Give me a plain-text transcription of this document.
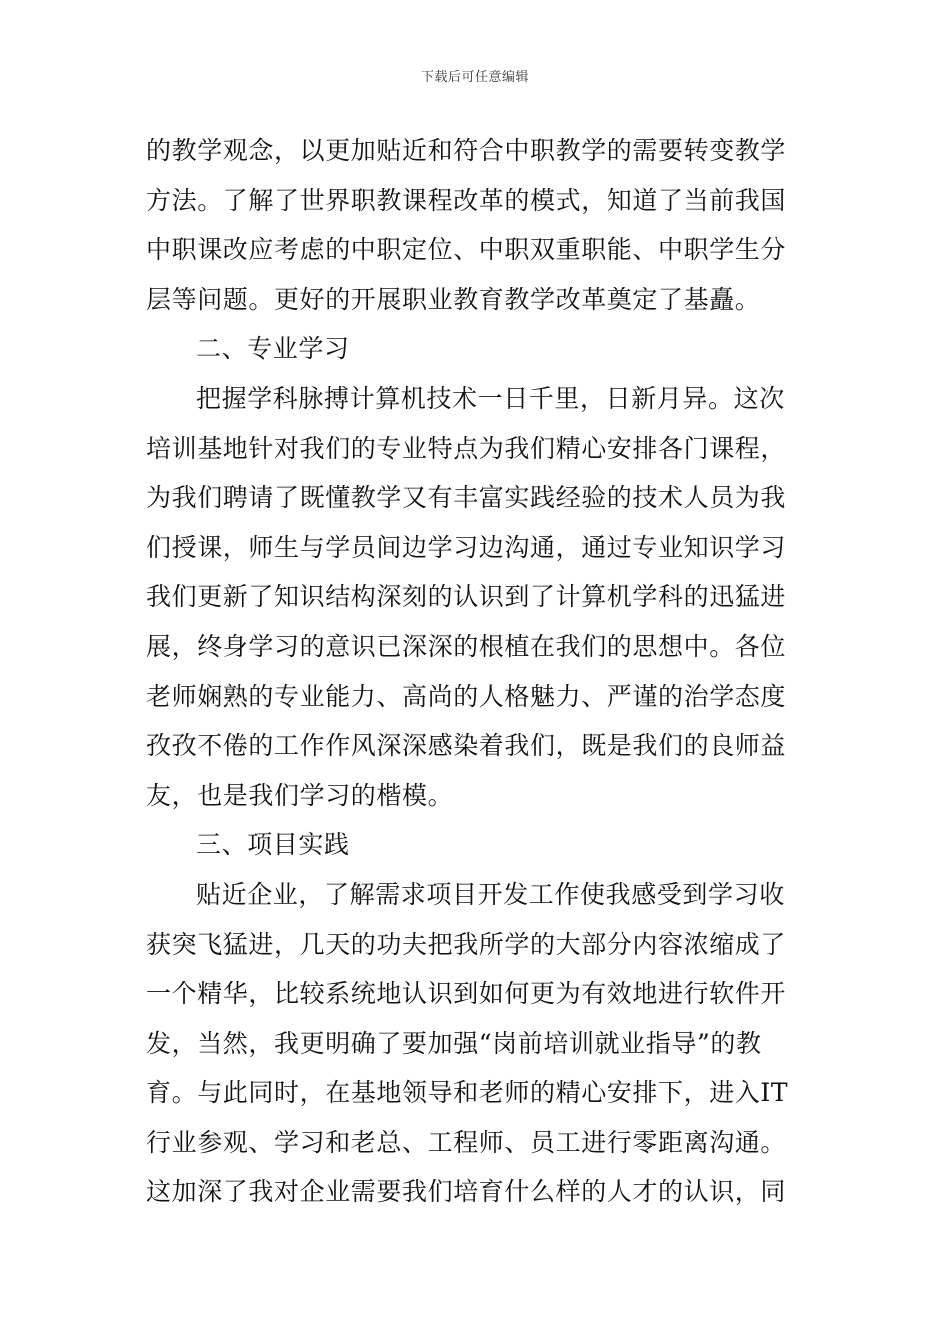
下载后可任意编辑
的教学观念，以更加贴近和符合中职教学的需要转变教学
方法。了解了世界职教课程改革的模式，知道了当前我国
中职课改应考虑的中职定位、中职双重职能、中职学生分
层等问题。更好的开展职业教育教学改革奠定了基矗。
二、专业学习
把握学科脉搏计算机技术一日千里，日新月异。这次
培训基地针对我们的专业特点为我们精心安排各门课程，
为我们聘请了既懂教学又有丰富实践经验的技术人员为我
们授课，师生与学员间边学习边沟通，通过专业知识学习
我们更新了知识结构深刻的认识到了计算机学科的迅猛进
展，终身学习的意识已深深的根植在我们的思想中。各位
老师娴熟的专业能力、高尚的人格魅力、严谨的治学态度
孜孜不倦的工作作风深深感染着我们，既是我们的良师益
友，也是我们学习的楷模。
三、项目实践
贴近企业，了解需求项目开发工作使我感受到学习收
获突飞猛进，几天的功夫把我所学的大部分内容浓缩成了
一个精华，比较系统地认识到如何更为有效地进行软件开
发，当然，我更明确了要加强“岗前培训就业指导”的教
育。与此同时，在基地领导和老师的精心安排下，进入IT
行业参观、学习和老总、工程师、员工进行零距离沟通。
这加深了我对企业需要我们培育什么样的人才的认识，同
